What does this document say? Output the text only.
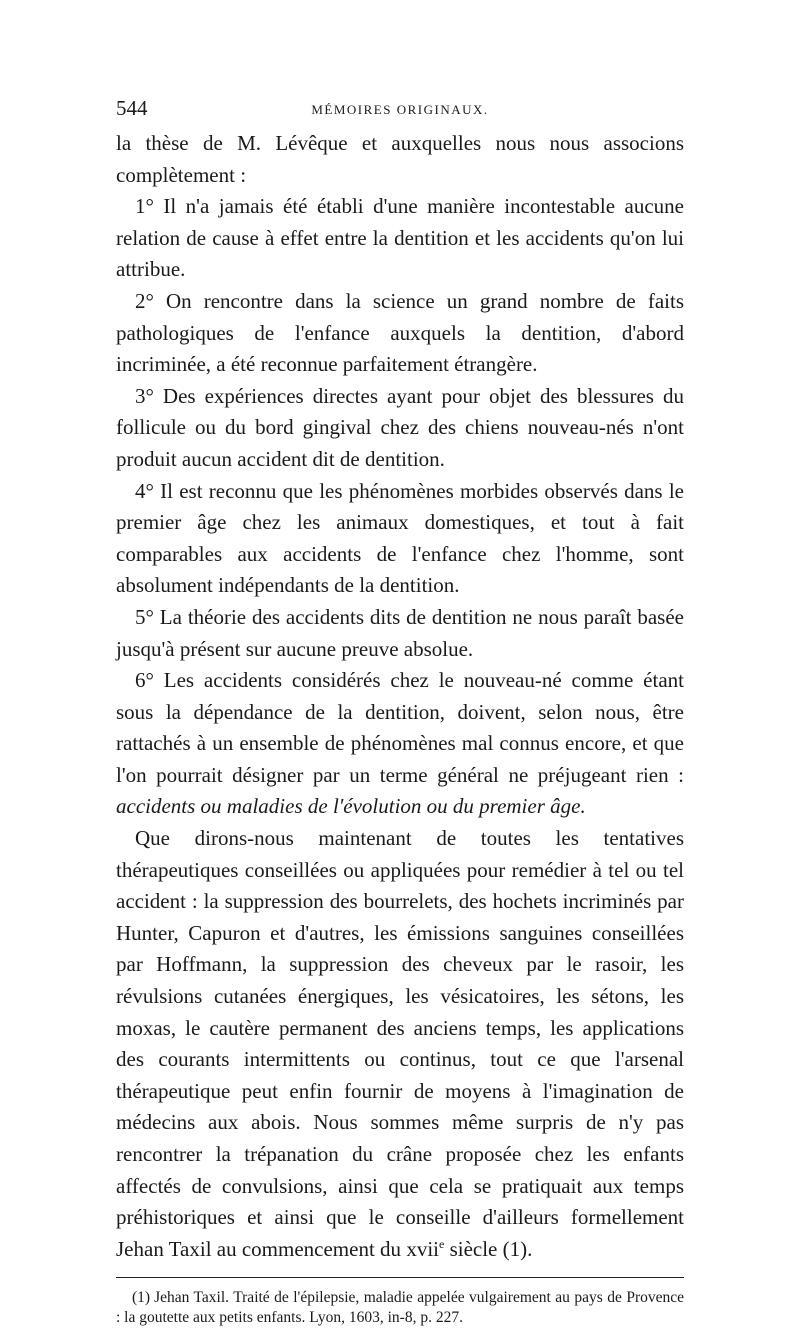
544	MÉMOIRES ORIGINAUX.

la thèse de M. Lévêque et auxquelles nous nous associons complètement :

1° Il n'a jamais été établi d'une manière incontestable aucune relation de cause à effet entre la dentition et les accidents qu'on lui attribue.

2° On rencontre dans la science un grand nombre de faits pathologiques de l'enfance auxquels la dentition, d'abord incriminée, a été reconnue parfaitement étrangère.

3° Des expériences directes ayant pour objet des blessures du follicule ou du bord gingival chez des chiens nouveau-nés n'ont produit aucun accident dit de dentition.

4° Il est reconnu que les phénomènes morbides observés dans le premier âge chez les animaux domestiques, et tout à fait comparables aux accidents de l'enfance chez l'homme, sont absolument indépendants de la dentition.

5° La théorie des accidents dits de dentition ne nous paraît basée jusqu'à présent sur aucune preuve absolue.

6° Les accidents considérés chez le nouveau-né comme étant sous la dépendance de la dentition, doivent, selon nous, être rattachés à un ensemble de phénomènes mal connus encore, et que l'on pourrait désigner par un terme général ne préjugeant rien : accidents ou maladies de l'évolution ou du premier âge.

Que dirons-nous maintenant de toutes les tentatives thérapeutiques conseillées ou appliquées pour remédier à tel ou tel accident : la suppression des bourrelets, des hochets incriminés par Hunter, Capuron et d'autres, les émissions sanguines conseillées par Hoffmann, la suppression des cheveux par le rasoir, les révulsions cutanées énergiques, les vésicatoires, les sétons, les moxas, le cautère permanent des anciens temps, les applications des courants intermittents ou continus, tout ce que l'arsenal thérapeutique peut enfin fournir de moyens à l'imagination de médecins aux abois. Nous sommes même surpris de n'y pas rencontrer la trépanation du crâne proposée chez les enfants affectés de convulsions, ainsi que cela se pratiquait aux temps préhistoriques et ainsi que le conseille d'ailleurs formellement Jehan Taxil au commencement du xvii$^e$ siècle (1).

(1) Jehan Taxil. Traité de l'épilepsie, maladie appelée vulgairement au pays de Provence : la goutette aux petits enfants. Lyon, 1603, in-8, p. 227.
